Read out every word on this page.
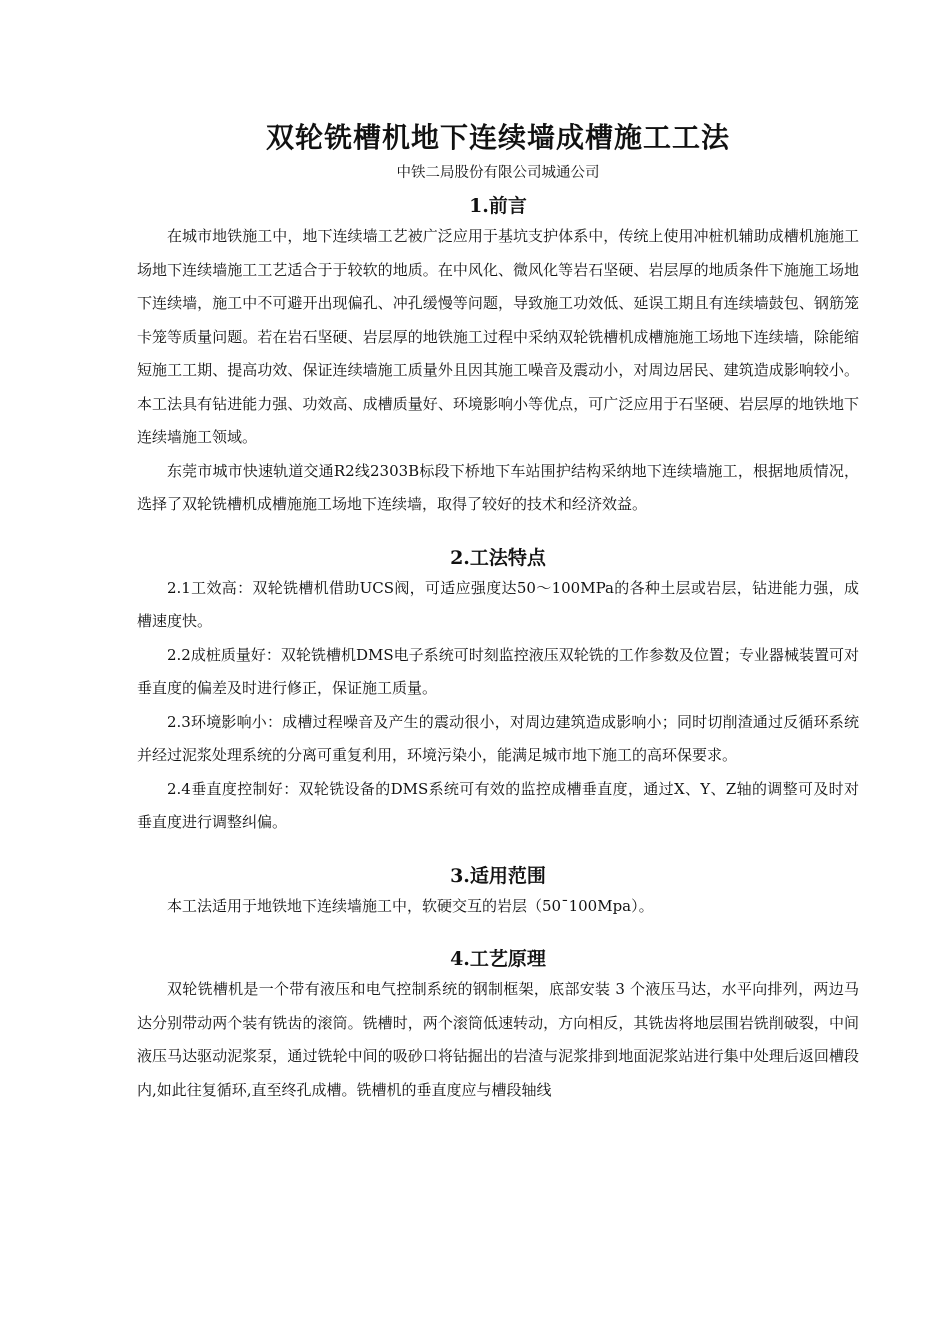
双轮铣槽机地下连续墙成槽施工工法
中铁二局股份有限公司城通公司
1.前言

在城市地铁施工中，地下连续墙工艺被广泛应用于基坑支护体系中，传统上使用冲桩机辅助成槽机施施工场地下连续墙施工工艺适合于于较软的地质。在中风化、微风化等岩石坚硬、岩层厚的地质条件下施施工场地下连续墙，施工中不可避开出现偏孔、冲孔缓慢等问题，导致施工功效低、延误工期且有连续墙鼓包、钢筋笼卡笼等质量问题。若在岩石坚硬、岩层厚的地铁施工过程中采纳双轮铣槽机成槽施施工场地下连续墙，除能缩短施工工期、提高功效、保证连续墙施工质量外且因其施工噪音及震动小，对周边居民、建筑造成影响较小。本工法具有钻进能力强、功效高、成槽质量好、环境影响小等优点，可广泛应用于石坚硬、岩层厚的地铁地下连续墙施工领域。

东莞市城市快速轨道交通R2线2303B标段下桥地下车站围护结构采纳地下连续墙施工，根据地质情况，选择了双轮铣槽机成槽施施工场地下连续墙，取得了较好的技术和经济效益。

2.工法特点

2.1工效高：双轮铣槽机借助UCS阀，可适应强度达50～100MPa的各种土层或岩层，钻进能力强，成槽速度快。

2.2成桩质量好：双轮铣槽机DMS电子系统可时刻监控液压双轮铣的工作参数及位置；专业器械装置可对垂直度的偏差及时进行修正，保证施工质量。

2.3环境影响小：成槽过程噪音及产生的震动很小，对周边建筑造成影响小；同时切削渣通过反循环系统并经过泥浆处理系统的分离可重复利用，环境污染小，能满足城市地下施工的高环保要求。

2.4垂直度控制好：双轮铣设备的DMS系统可有效的监控成槽垂直度，通过X、Y、Z轴的调整可及时对垂直度进行调整纠偏。

3.适用范围

本工法适用于地铁地下连续墙施工中，软硬交互的岩层（50¯100Mpa）。

4.工艺原理

双轮铣槽机是一个带有液压和电气控制系统的钢制框架，底部安装 3 个液压马达，水平向排列，两边马达分别带动两个装有铣齿的滚筒。铣槽时，两个滚筒低速转动，方向相反，其铣齿将地层围岩铣削破裂，中间液压马达驱动泥浆泵，通过铣轮中间的吸砂口将钻掘出的岩渣与泥浆排到地面泥浆站进行集中处理后返回槽段内,如此往复循环,直至终孔成槽。铣槽机的垂直度应与槽段轴线
